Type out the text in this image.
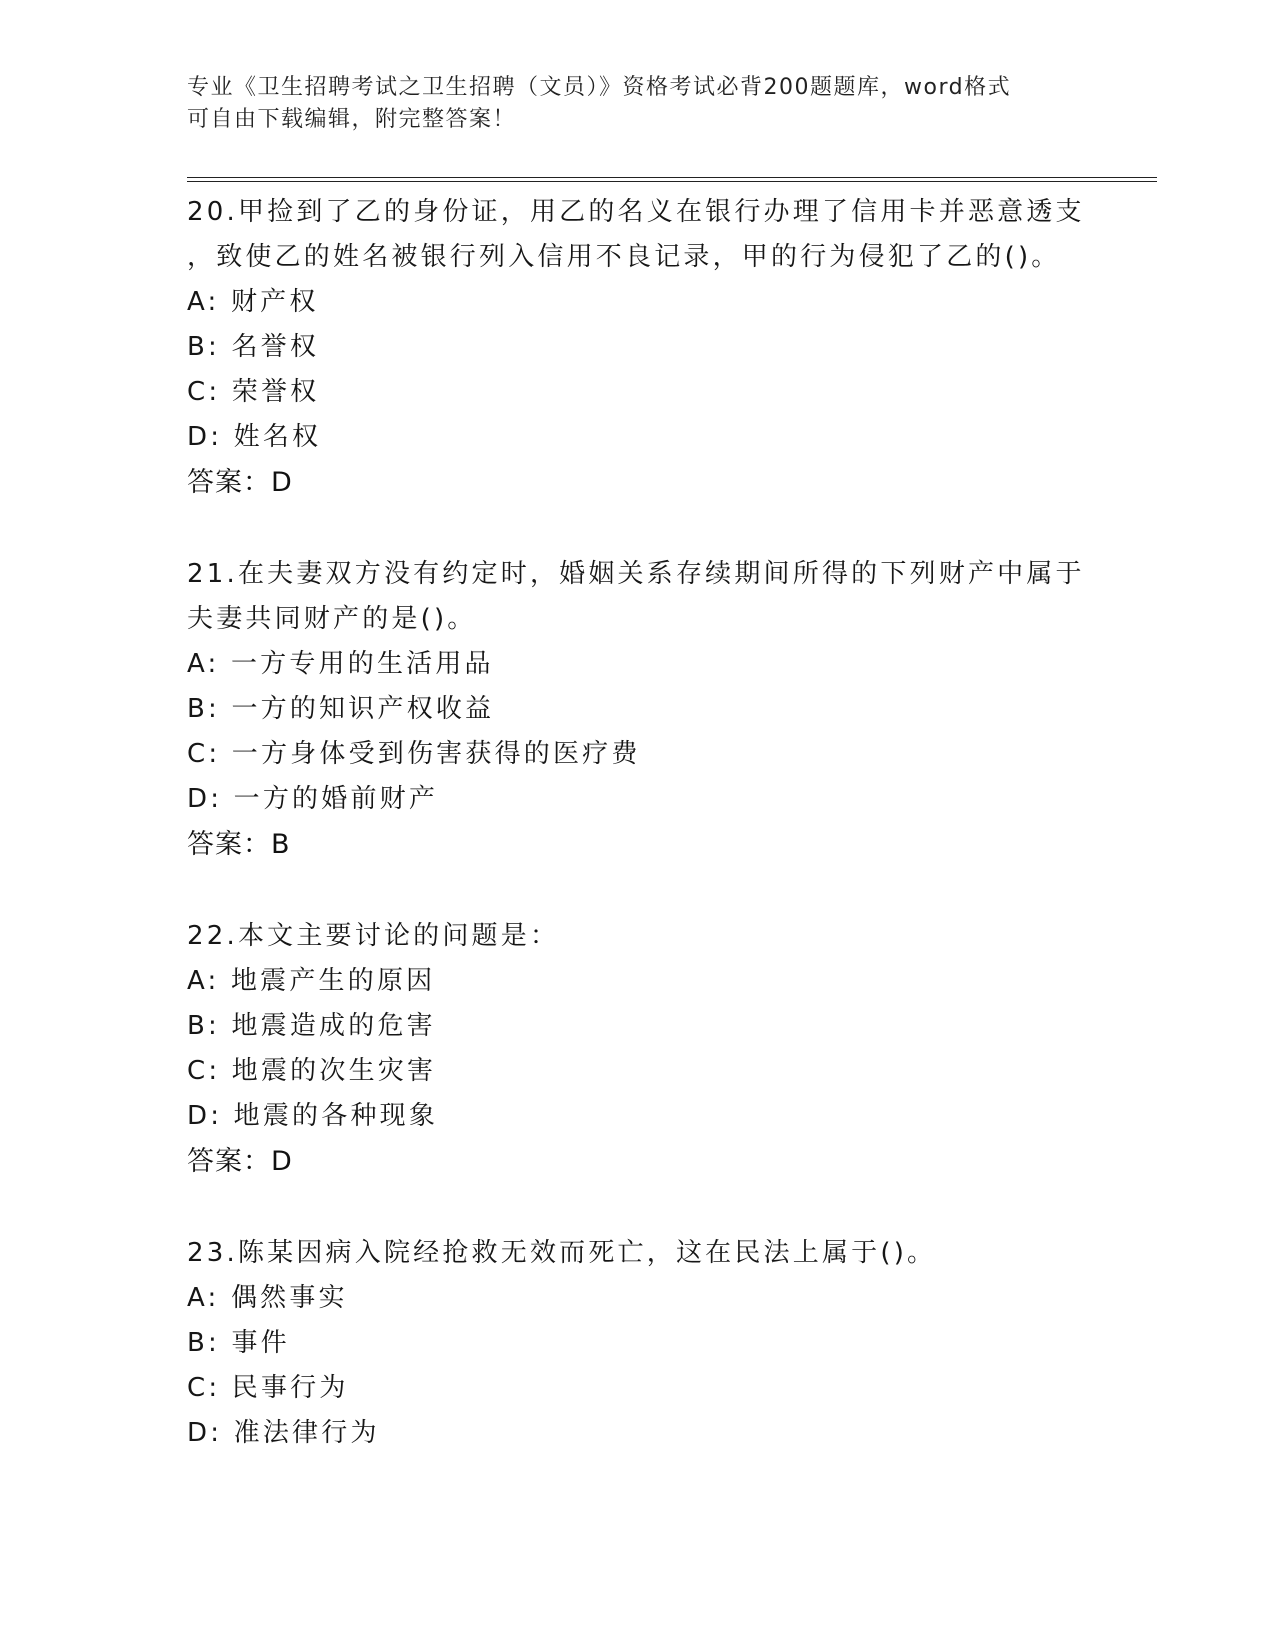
专业《卫生招聘考试之卫生招聘（文员）》资格考试必背200题题库，word格式
可自由下载编辑，附完整答案！
20.甲捡到了乙的身份证，用乙的名义在银行办理了信用卡并恶意透支
，致使乙的姓名被银行列入信用不良记录，甲的行为侵犯了乙的()。
A: 财产权
B: 名誉权
C: 荣誉权
D: 姓名权
答案：D
21.在夫妻双方没有约定时，婚姻关系存续期间所得的下列财产中属于
夫妻共同财产的是()。
A: 一方专用的生活用品
B: 一方的知识产权收益
C: 一方身体受到伤害获得的医疗费
D: 一方的婚前财产
答案：B
22.本文主要讨论的问题是：
A: 地震产生的原因
B: 地震造成的危害
C: 地震的次生灾害
D: 地震的各种现象
答案：D
23.陈某因病入院经抢救无效而死亡，这在民法上属于()。
A: 偶然事实
B: 事件
C: 民事行为
D: 准法律行为
